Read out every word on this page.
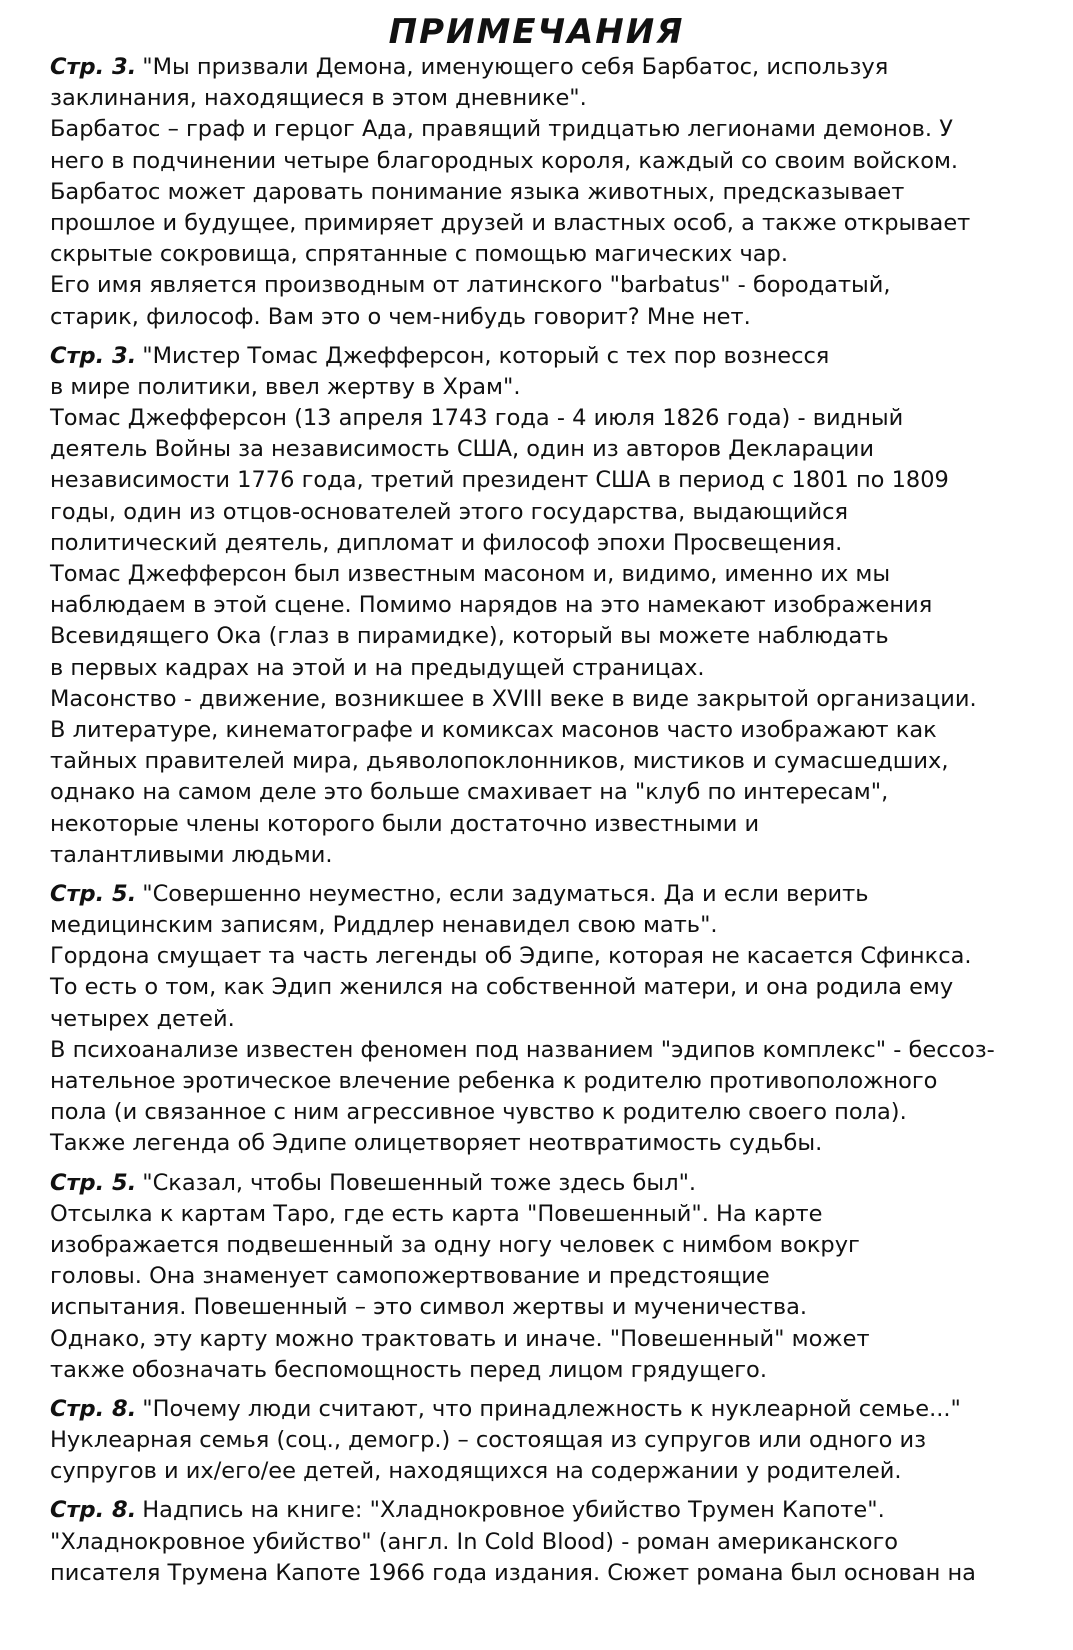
ПРИМЕЧАНИЯ
Стр. 3. "Мы призвали Демона, именующего себя Барбатос, используя
заклинания, находящиеся в этом дневнике".
Барбатос – граф и герцог Ада, правящий тридцатью легионами демонов. У
него в подчинении четыре благородных короля, каждый со своим войском.
Барбатос может даровать понимание языка животных, предсказывает
прошлое и будущее, примиряет друзей и властных особ, а также открывает
скрытые сокровища, спрятанные с помощью магических чар.
Его имя является производным от латинского "barbatus" - бородатый,
старик, философ. Вам это о чем-нибудь говорит? Мне нет.
Стр. 3. "Мистер Томас Джефферсон, который с тех пор вознесся
в мире политики, ввел жертву в Храм".
Томас Джефферсон (13 апреля 1743 года - 4 июля 1826 года) - видный
деятель Войны за независимость США, один из авторов Декларации
независимости 1776 года, третий президент США в период с 1801 по 1809
годы, один из отцов-основателей этого государства, выдающийся
политический деятель, дипломат и философ эпохи Просвещения.
Томас Джефферсон был известным масоном и, видимо, именно их мы
наблюдаем в этой сцене. Помимо нарядов на это намекают изображения
Всевидящего Ока (глаз в пирамидке), который вы можете наблюдать
в первых кадрах на этой и на предыдущей страницах.
Масонство - движение, возникшее в XVIII веке в виде закрытой организации.
В литературе, кинематографе и комиксах масонов часто изображают как
тайных правителей мира, дьяволопоклонников, мистиков и сумасшедших,
однако на самом деле это больше смахивает на "клуб по интересам",
некоторые члены которого были достаточно известными и
талантливыми людьми.
Стр. 5. "Совершенно неуместно, если задуматься. Да и если верить
медицинским записям, Риддлер ненавидел свою мать".
Гордона смущает та часть легенды об Эдипе, которая не касается Сфинкса.
То есть о том, как Эдип женился на собственной матери, и она родила ему
четырех детей.
В психоанализе известен феномен под названием "эдипов комплекс" - бессоз-
нательное эротическое влечение ребенка к родителю противоположного
пола (и связанное с ним агрессивное чувство к родителю своего пола).
Также легенда об Эдипе олицетворяет неотвратимость судьбы.
Стр. 5. "Сказал, чтобы Повешенный тоже здесь был".
Отсылка к картам Таро, где есть карта "Повешенный". На карте
изображается подвешенный за одну ногу человек с нимбом вокруг
головы. Она знаменует самопожертвование и предстоящие
испытания. Повешенный – это символ жертвы и мученичества.
Однако, эту карту можно трактовать и иначе. "Повешенный" может
также обозначать беспомощность перед лицом грядущего.
Стр. 8. "Почему люди считают, что принадлежность к нуклеарной семье..."
Нуклеарная семья (соц., демогр.) – состоящая из супругов или одного из
супругов и их/его/ее детей, находящихся на содержании у родителей.
Стр. 8. Надпись на книге: "Хладнокровное убийство Трумен Капоте".
"Хладнокровное убийство" (англ. In Cold Blood) - роман американского
писателя Трумена Капоте 1966 года издания. Сюжет романа был основан на
